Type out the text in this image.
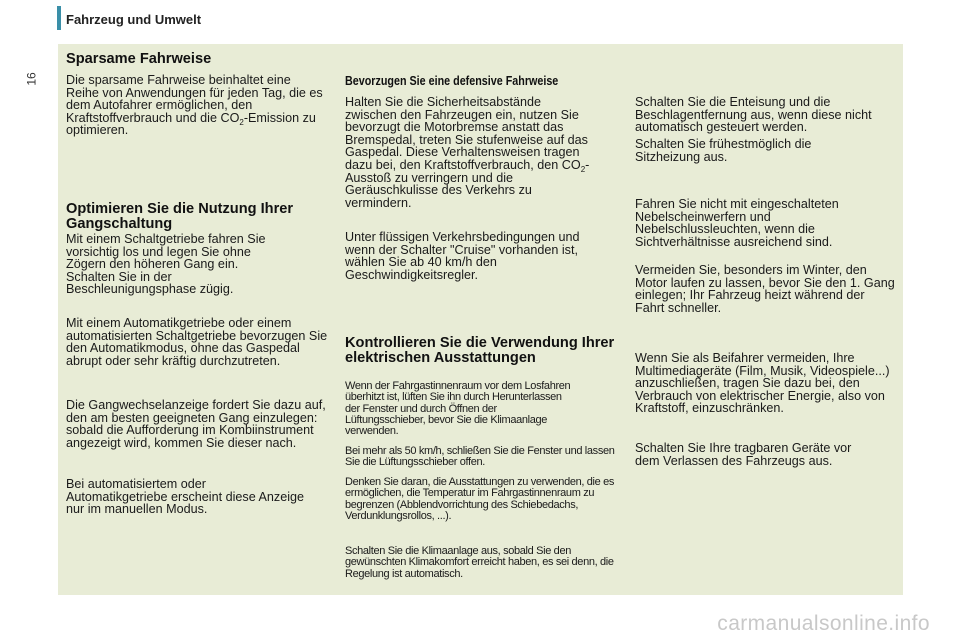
Fahrzeug und Umwelt
16
Sparsame Fahrweise

Die sparsame Fahrweise beinhaltet eine Reihe von Anwendungen für jeden Tag, die es dem Autofahrer ermöglichen, den Kraftstoffverbrauch und die $CO_2$-Emission zu optimieren.

Optimieren Sie die Nutzung Ihrer Gangschaltung

Mit einem Schaltgetriebe fahren Sie vorsichtig los und legen Sie ohne Zögern den höheren Gang ein. Schalten Sie in der Beschleunigungsphase zügig.

Mit einem Automatikgetriebe oder einem automatisierten Schaltgetriebe bevorzugen Sie den Automatikmodus, ohne das Gaspedal abrupt oder sehr kräftig durchzutreten.

Die Gangwechselanzeige fordert Sie dazu auf, den am besten geeigneten Gang einzulegen: sobald die Aufforderung im Kombiinstrument angezeigt wird, kommen Sie dieser nach.

Bei automatisiertem oder Automatikgetriebe erscheint diese Anzeige nur im manuellen Modus.

Bevorzugen Sie eine defensive Fahrweise

Halten Sie die Sicherheitsabstände zwischen den Fahrzeugen ein, nutzen Sie bevorzugt die Motorbremse anstatt das Bremspedal, treten Sie stufenweise auf das Gaspedal. Diese Verhaltensweisen tragen dazu bei, den Kraftstoffverbrauch, den $CO_2$-Ausstoß zu verringern und die Geräuschkulisse des Verkehrs zu vermindern.

Unter flüssigen Verkehrsbedingungen und wenn der Schalter "Cruise" vorhanden ist, wählen Sie ab 40 km/h den Geschwindigkeitsregler.

Kontrollieren Sie die Verwendung Ihrer elektrischen Ausstattungen

Wenn der Fahrgastinnenraum vor dem Losfahren überhitzt ist, lüften Sie ihn durch Herunterlassen der Fenster und durch Öffnen der Lüftungsschieber, bevor Sie die Klimaanlage verwenden.

Bei mehr als 50 km/h, schließen Sie die Fenster und lassen Sie die Lüftungsschieber offen.

Denken Sie daran, die Ausstattungen zu verwenden, die es ermöglichen, die Temperatur im Fahrgastinnenraum zu begrenzen (Abblendvorrichtung des Schiebedachs, Verdunklungsrollos, ...).

Schalten Sie die Klimaanlage aus, sobald Sie den gewünschten Klimakomfort erreicht haben, es sei denn, die Regelung ist automatisch.

Schalten Sie die Enteisung und die Beschlagentfernung aus, wenn diese nicht automatisch gesteuert werden.

Schalten Sie frühestmöglich die Sitzheizung aus.

Fahren Sie nicht mit eingeschalteten Nebelscheinwerfern und Nebelschlussleuchten, wenn die Sichtverhältnisse ausreichend sind.

Vermeiden Sie, besonders im Winter, den Motor laufen zu lassen, bevor Sie den 1. Gang einlegen; Ihr Fahrzeug heizt während der Fahrt schneller.

Wenn Sie als Beifahrer vermeiden, Ihre Multimediageräte (Film, Musik, Videospiele...) anzuschließen, tragen Sie dazu bei, den Verbrauch von elektrischer Energie, also von Kraftstoff, einzuschränken.

Schalten Sie Ihre tragbaren Geräte vor dem Verlassen des Fahrzeugs aus.

carmanualsonline.info
